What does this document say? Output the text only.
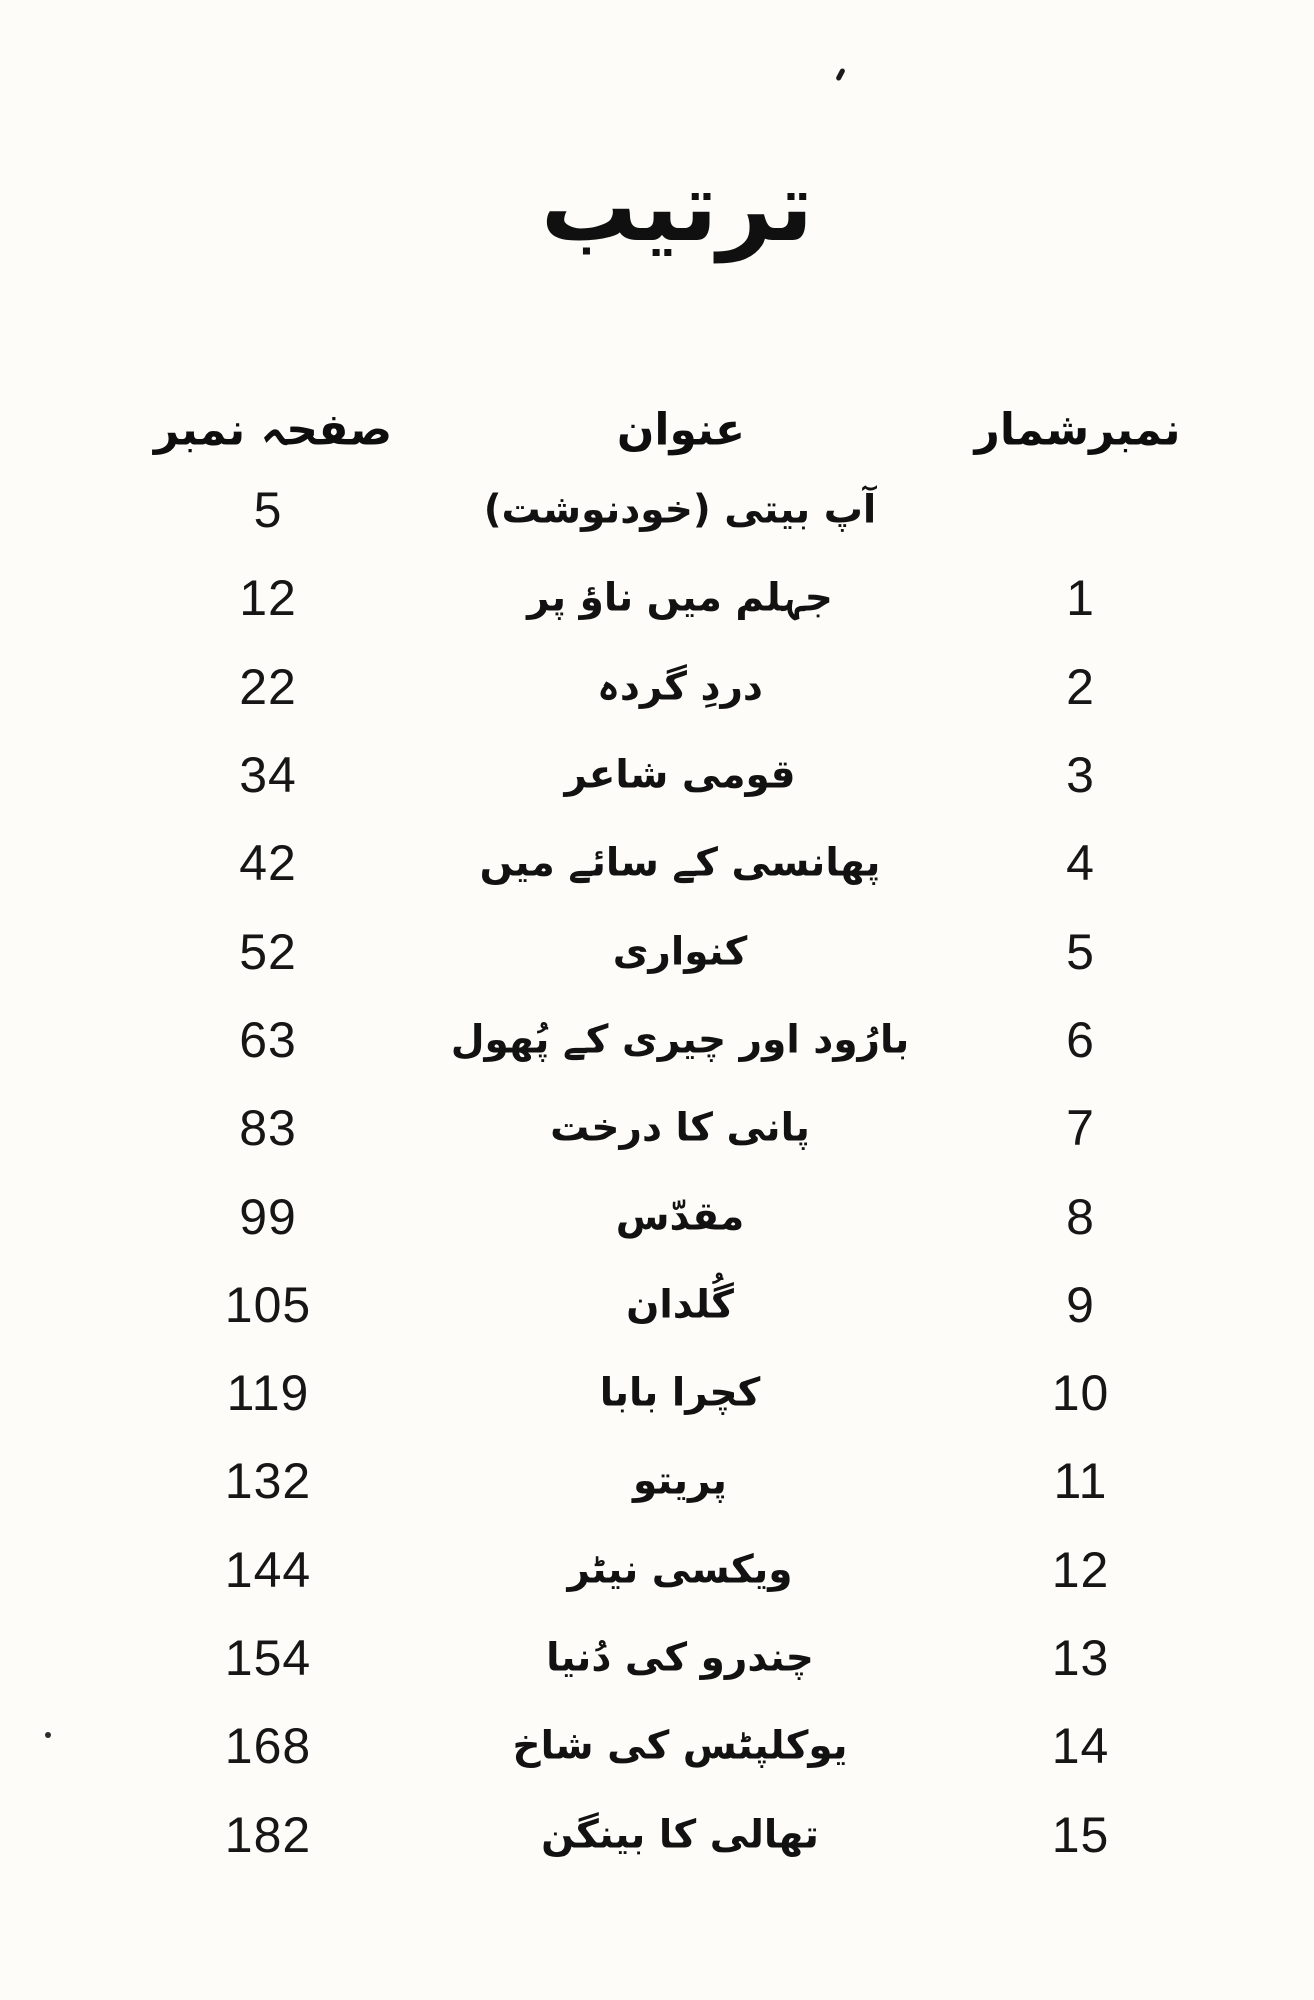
ترتیب
صفحہ نمبر	عنوان	نمبرشمار
5	آپ بیتی (خودنوشت)
12	جہلم میں ناؤ پر	1
22	دردِ گردہ	2
34	قومی شاعر	3
42	پھانسی کے سائے میں	4
52	کنواری	5
63	بارُود اور چیری کے پُھول	6
83	پانی کا درخت	7
99	مقدّس	8
105	گُلدان	9
119	کچرا بابا	10
132	پریتو	11
144	ویکسی نیٹر	12
154	چندرو کی دُنیا	13
168	یوکلپٹس کی شاخ	14
182	تھالی کا بینگن	15
